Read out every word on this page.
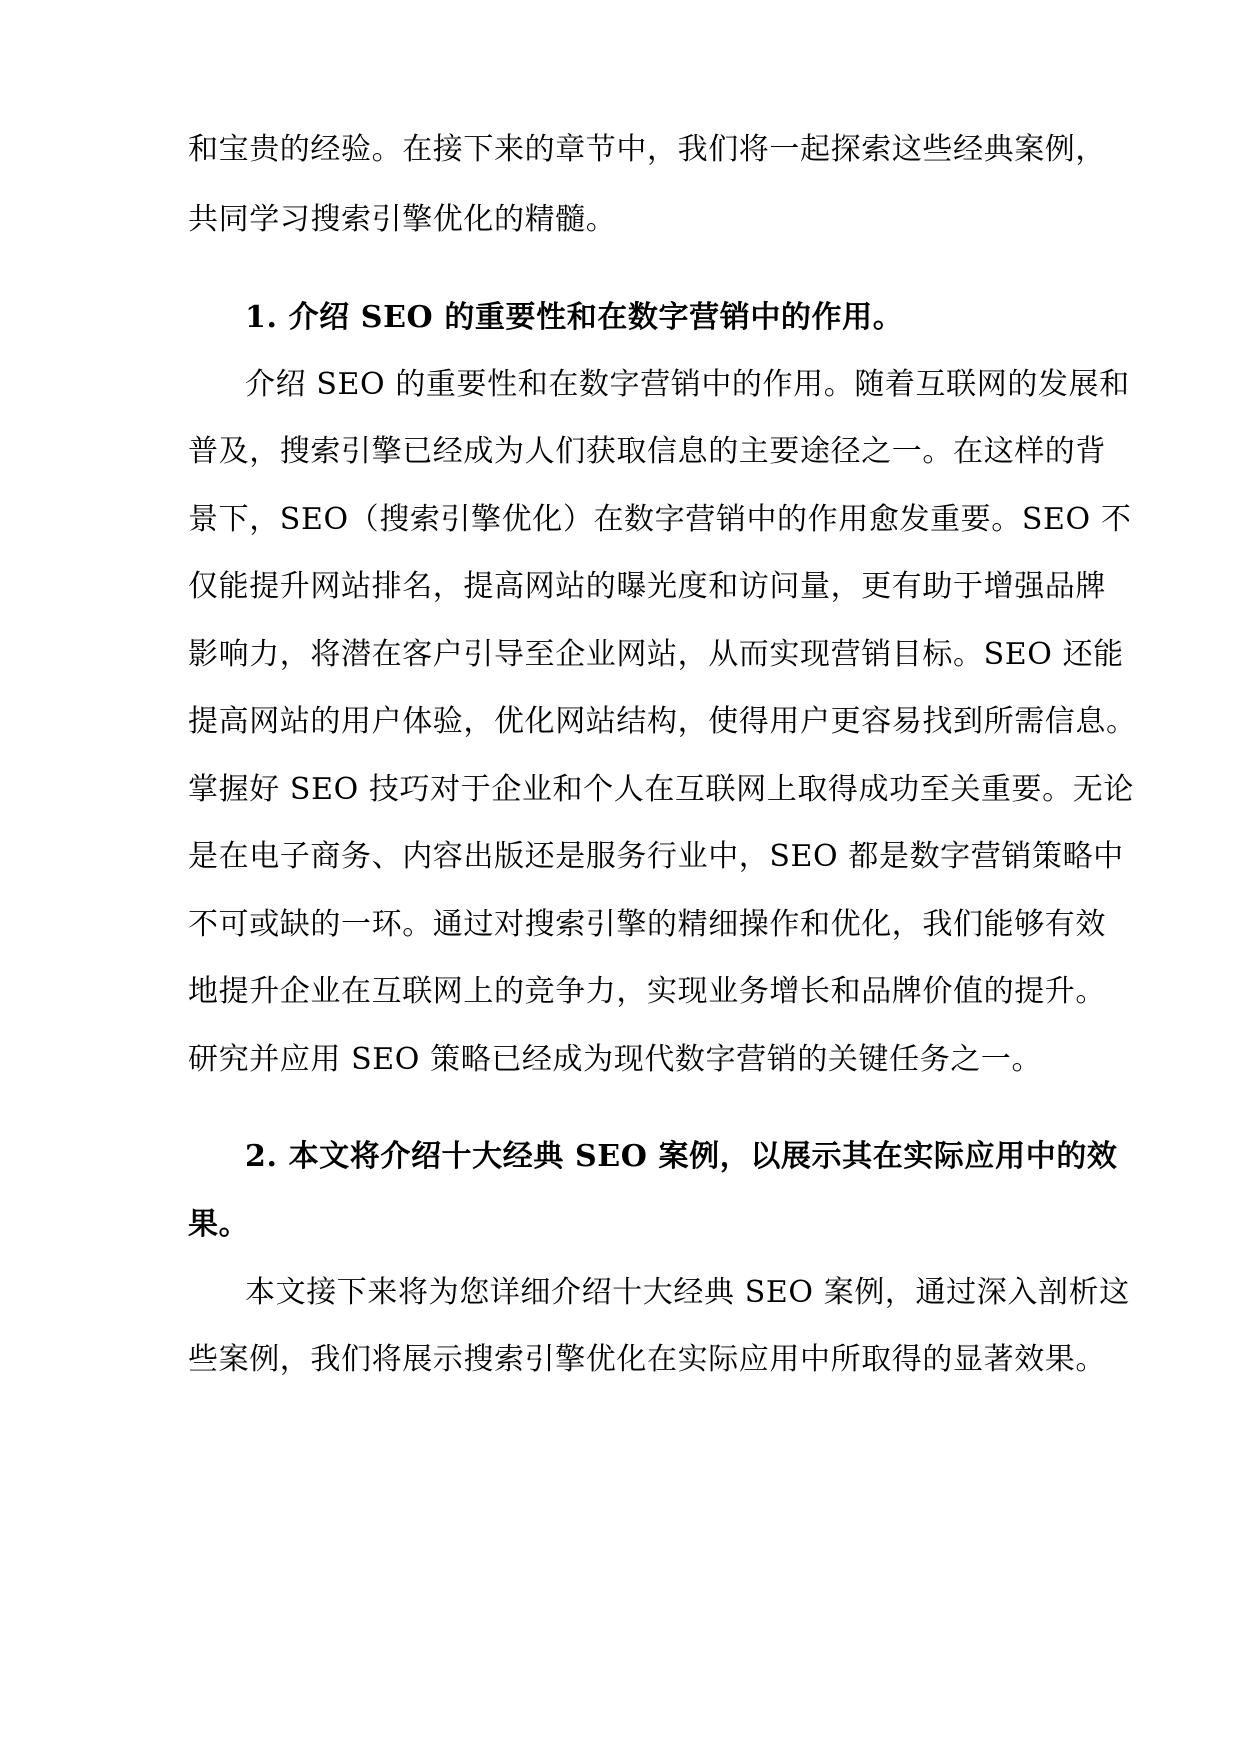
和宝贵的经验。在接下来的章节中，我们将一起探索这些经典案例，
共同学习搜索引擎优化的精髓。
1. 介绍 SEO 的重要性和在数字营销中的作用。
介绍 SEO 的重要性和在数字营销中的作用。随着互联网的发展和
普及，搜索引擎已经成为人们获取信息的主要途径之一。在这样的背
景下，SEO（搜索引擎优化）在数字营销中的作用愈发重要。SEO 不
仅能提升网站排名，提高网站的曝光度和访问量，更有助于增强品牌
影响力，将潜在客户引导至企业网站，从而实现营销目标。SEO 还能
提高网站的用户体验，优化网站结构，使得用户更容易找到所需信息。
掌握好 SEO 技巧对于企业和个人在互联网上取得成功至关重要。无论
是在电子商务、内容出版还是服务行业中，SEO 都是数字营销策略中
不可或缺的一环。通过对搜索引擎的精细操作和优化，我们能够有效
地提升企业在互联网上的竞争力，实现业务增长和品牌价值的提升。
研究并应用 SEO 策略已经成为现代数字营销的关键任务之一。
2. 本文将介绍十大经典 SEO 案例，以展示其在实际应用中的效
果。
本文接下来将为您详细介绍十大经典 SEO 案例，通过深入剖析这
些案例，我们将展示搜索引擎优化在实际应用中所取得的显著效果。
